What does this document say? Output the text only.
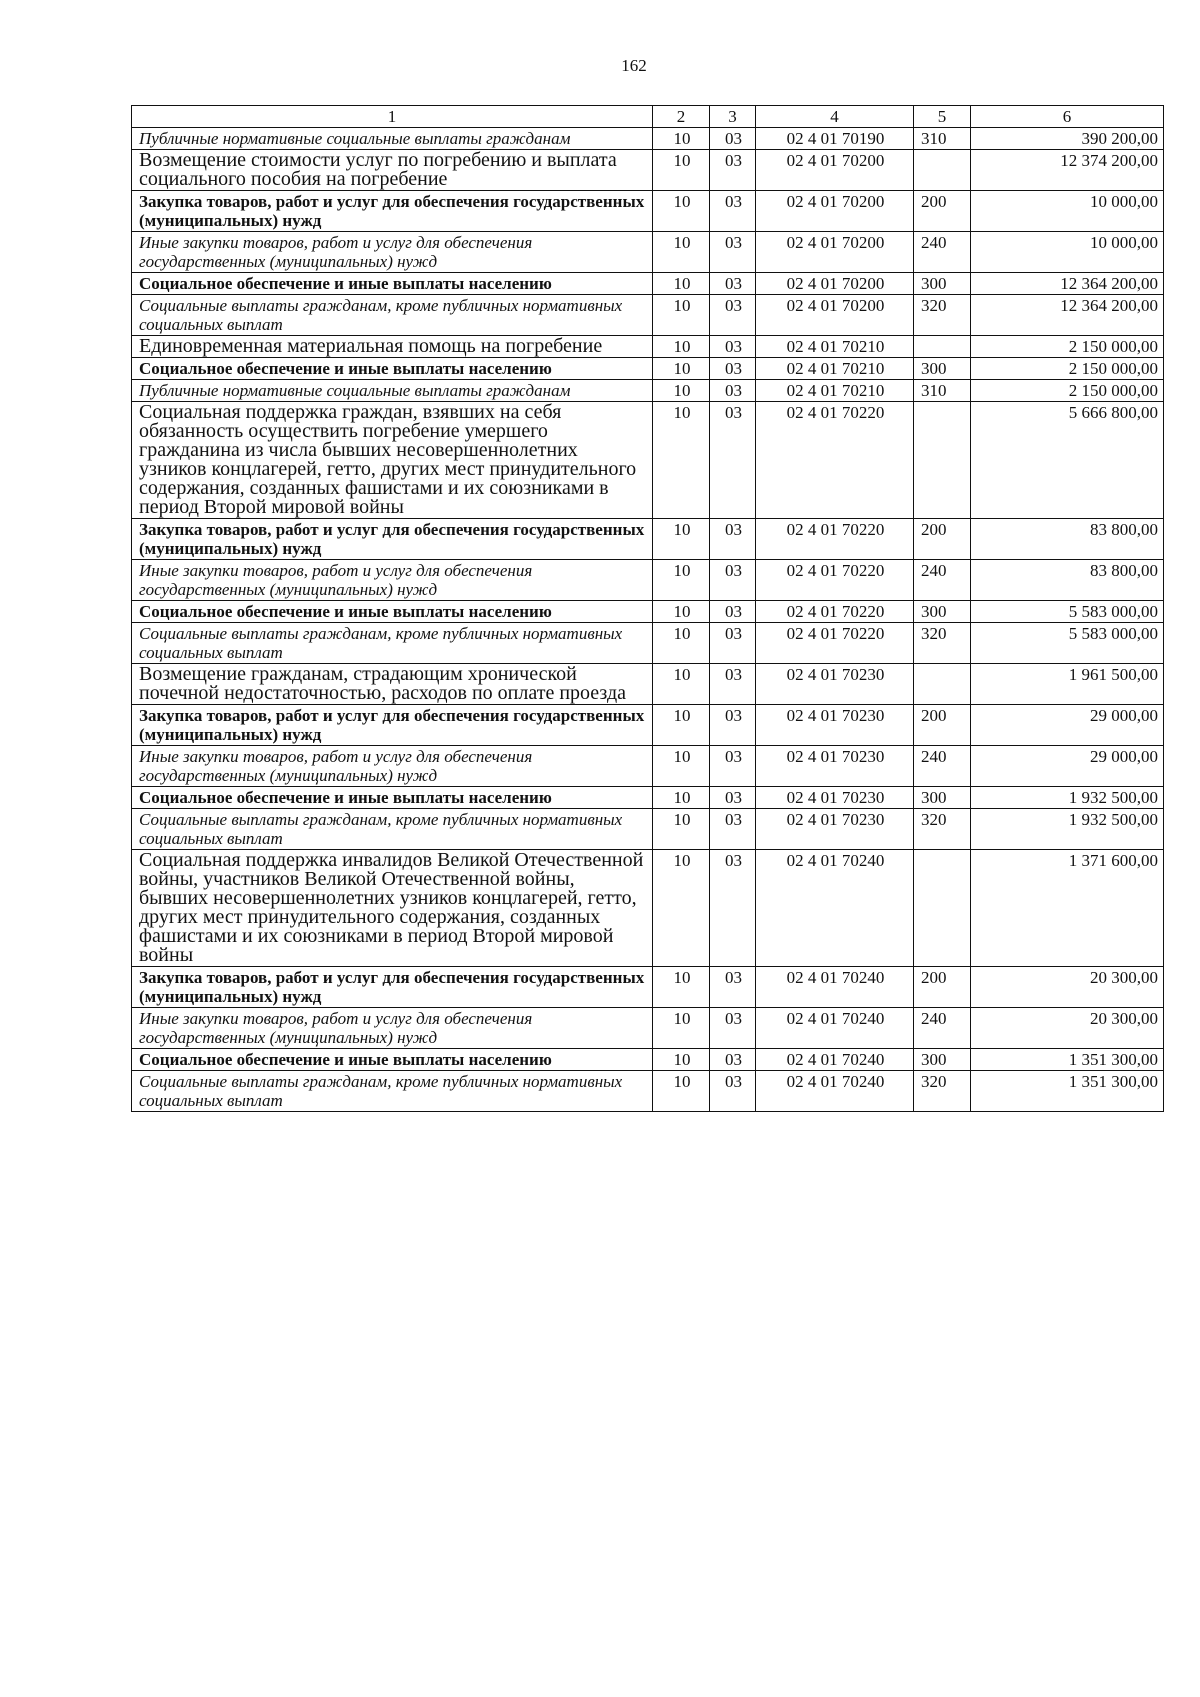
162
1	2	3	4	5	6
Публичные нормативные социальные выплаты гражданам	10	03	02 4 01 70190	310	390 200,00
Возмещение стоимости услуг по погребению и выплата социального пособия на погребение	10	03	02 4 01 70200		12 374 200,00
Закупка товаров, работ и услуг для обеспечения государственных (муниципальных) нужд	10	03	02 4 01 70200	200	10 000,00
Иные закупки товаров, работ и услуг для обеспечения государственных (муниципальных) нужд	10	03	02 4 01 70200	240	10 000,00
Социальное обеспечение и иные выплаты населению	10	03	02 4 01 70200	300	12 364 200,00
Социальные выплаты гражданам, кроме публичных нормативных социальных выплат	10	03	02 4 01 70200	320	12 364 200,00
Единовременная материальная помощь на погребение	10	03	02 4 01 70210		2 150 000,00
Социальное обеспечение и иные выплаты населению	10	03	02 4 01 70210	300	2 150 000,00
Публичные нормативные социальные выплаты гражданам	10	03	02 4 01 70210	310	2 150 000,00
Социальная поддержка граждан, взявших на себя обязанность осуществить погребение умершего гражданина из числа бывших несовершеннолетних узников концлагерей, гетто, других мест принудительного содержания, созданных фашистами и их союзниками в период Второй мировой войны	10	03	02 4 01 70220		5 666 800,00
Закупка товаров, работ и услуг для обеспечения государственных (муниципальных) нужд	10	03	02 4 01 70220	200	83 800,00
Иные закупки товаров, работ и услуг для обеспечения государственных (муниципальных) нужд	10	03	02 4 01 70220	240	83 800,00
Социальное обеспечение и иные выплаты населению	10	03	02 4 01 70220	300	5 583 000,00
Социальные выплаты гражданам, кроме публичных нормативных социальных выплат	10	03	02 4 01 70220	320	5 583 000,00
Возмещение гражданам, страдающим хронической почечной недостаточностью, расходов по оплате проезда	10	03	02 4 01 70230		1 961 500,00
Закупка товаров, работ и услуг для обеспечения государственных (муниципальных) нужд	10	03	02 4 01 70230	200	29 000,00
Иные закупки товаров, работ и услуг для обеспечения государственных (муниципальных) нужд	10	03	02 4 01 70230	240	29 000,00
Социальное обеспечение и иные выплаты населению	10	03	02 4 01 70230	300	1 932 500,00
Социальные выплаты гражданам, кроме публичных нормативных социальных выплат	10	03	02 4 01 70230	320	1 932 500,00
Социальная поддержка инвалидов Великой Отечественной войны, участников Великой Отечественной войны, бывших несовершеннолетних узников концлагерей, гетто, других мест принудительного содержания, созданных фашистами и их союзниками в период Второй мировой войны	10	03	02 4 01 70240		1 371 600,00
Закупка товаров, работ и услуг для обеспечения государственных (муниципальных) нужд	10	03	02 4 01 70240	200	20 300,00
Иные закупки товаров, работ и услуг для обеспечения государственных (муниципальных) нужд	10	03	02 4 01 70240	240	20 300,00
Социальное обеспечение и иные выплаты населению	10	03	02 4 01 70240	300	1 351 300,00
Социальные выплаты гражданам, кроме публичных нормативных социальных выплат	10	03	02 4 01 70240	320	1 351 300,00
